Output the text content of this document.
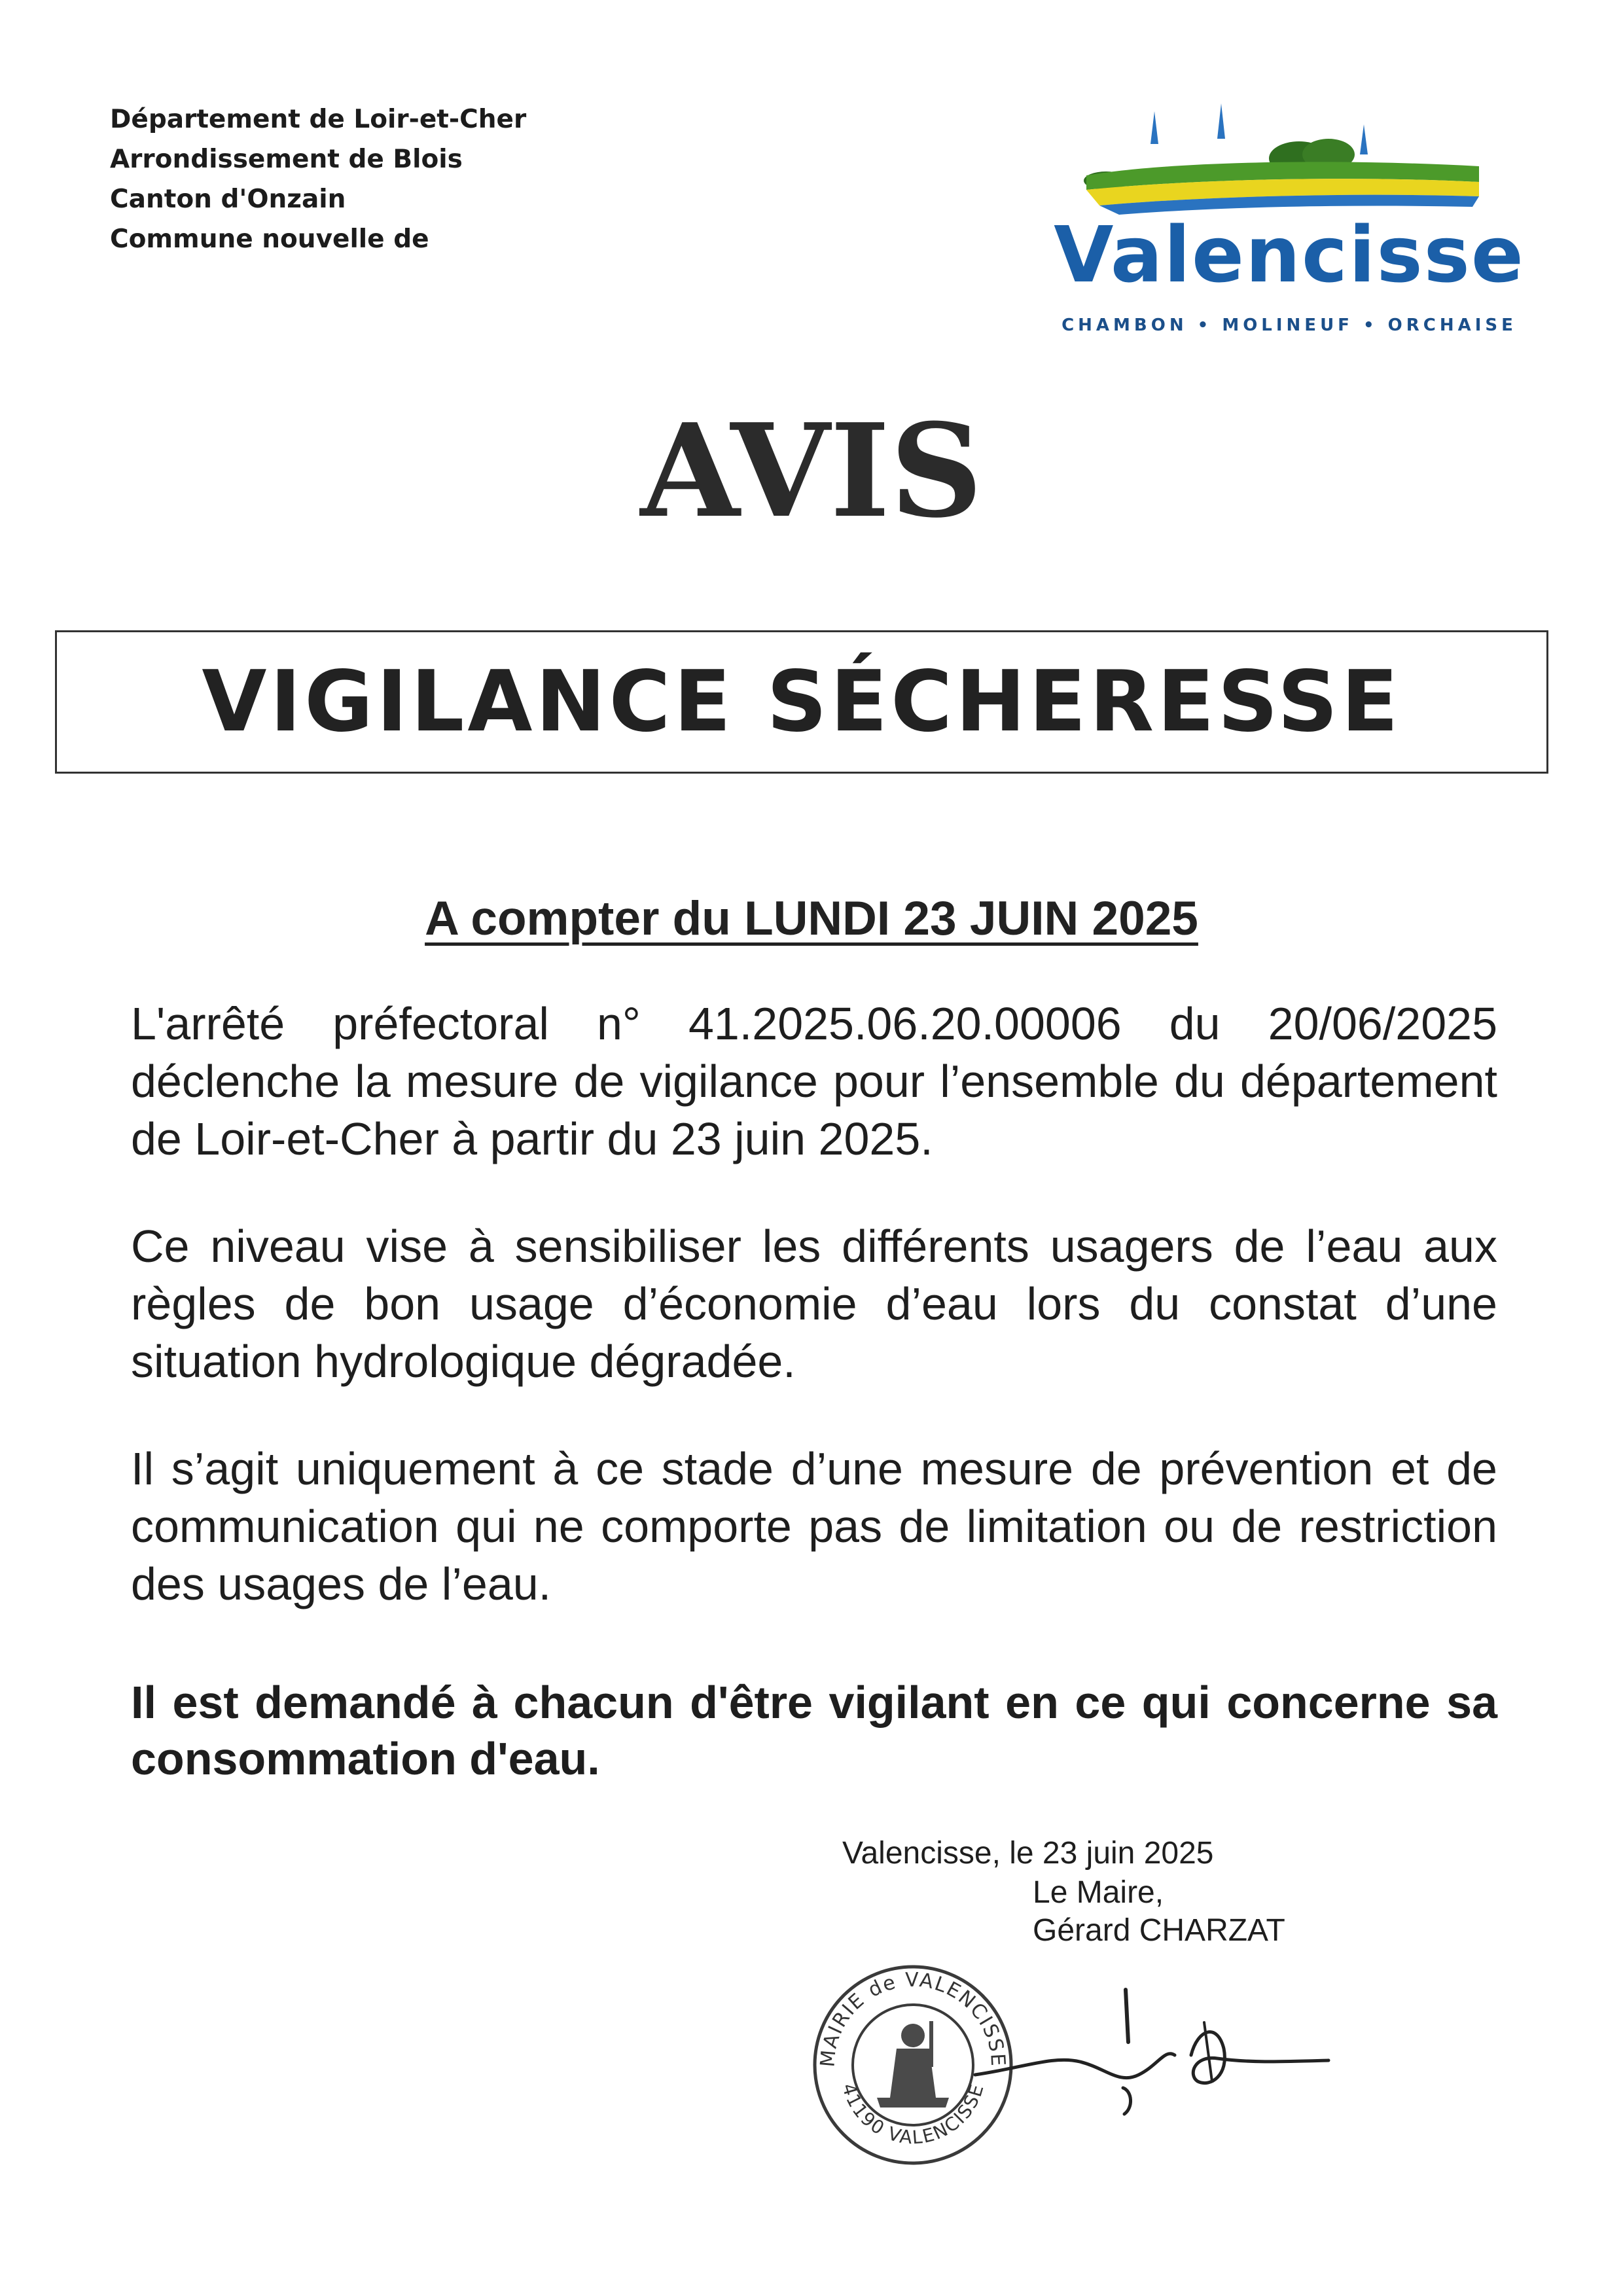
Département de Loir-et-Cher
Arrondissement de Blois
Canton d'Onzain
Commune nouvelle de	Valencisse
CHAMBON • MOLINEUF • ORCHAISE
AVIS
VIGILANCE SÉCHERESSE
A compter du LUNDI 23 JUIN 2025
L'arrêté préfectoral n° 41.2025.06.20.00006 du 20/06/2025 déclenche la mesure de vigilance pour l’ensemble du département de Loir-et-Cher à partir du 23 juin 2025.
Ce niveau vise à sensibiliser les différents usagers de l’eau aux règles de bon usage d’économie d’eau lors du constat d’une situation hydrologique dégradée.
Il s’agit uniquement à ce stade d’une mesure de prévention et de communication qui ne comporte pas de limitation ou de restriction des usages de l’eau.
Il est demandé à chacun d'être vigilant en ce qui concerne sa consommation d'eau.
Valencisse, le 23 juin 2025
Le Maire,
Gérard CHARZAT
MAIRIE de VALENCISSE
41190 VALENCISSE
